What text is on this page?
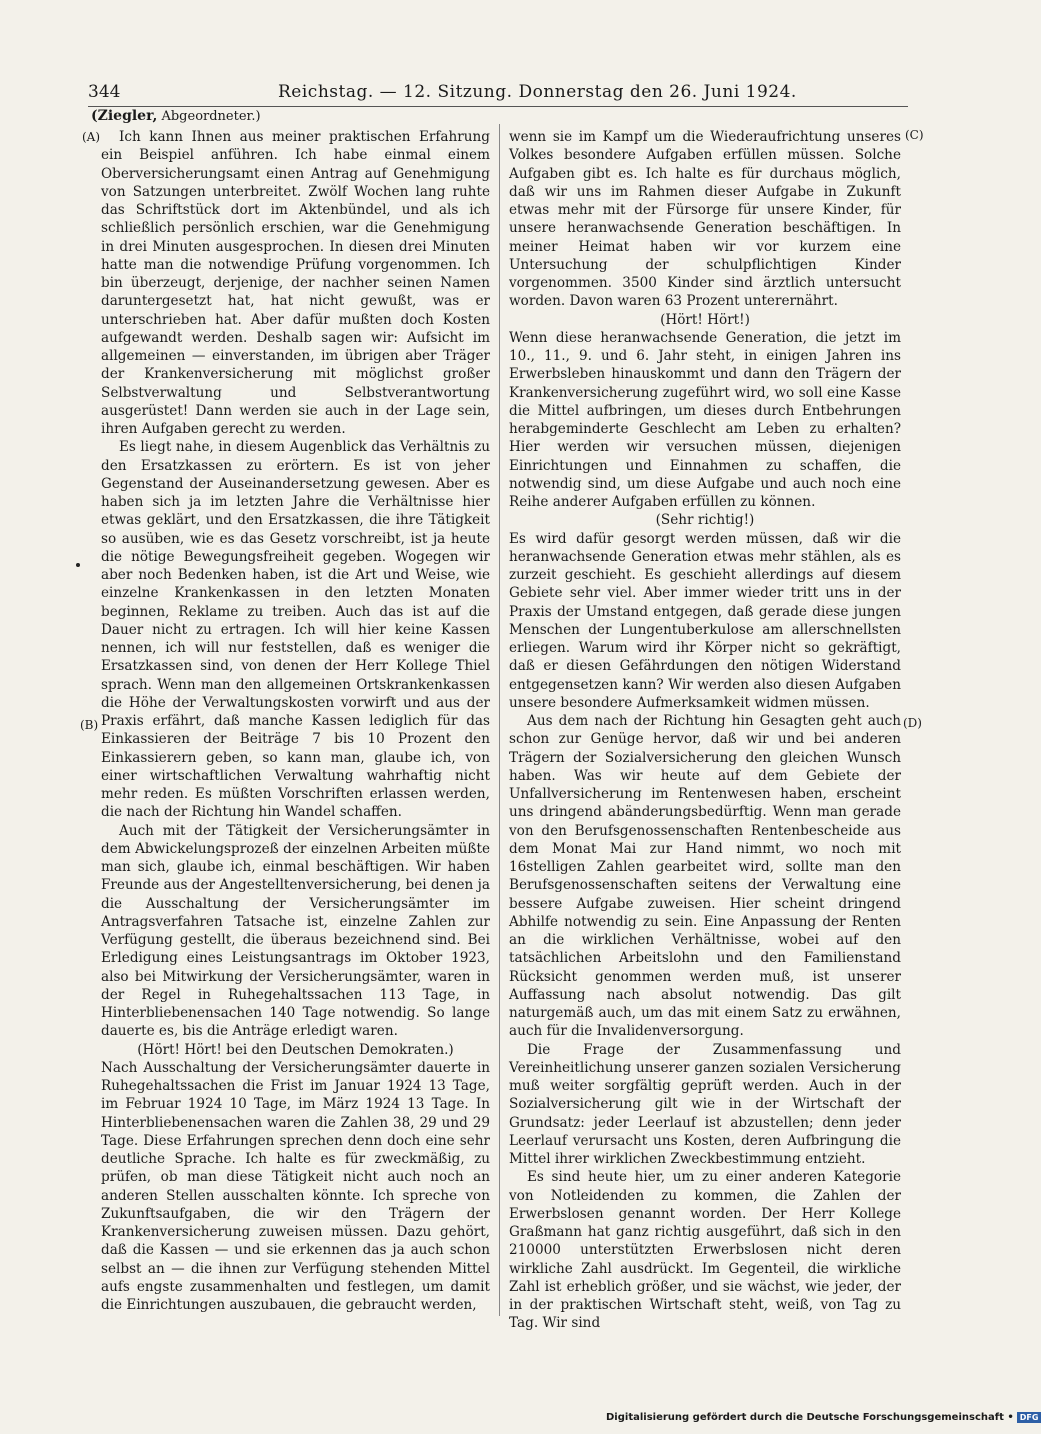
344	Reichstag. — 12. Sitzung. Donnerstag den 26. Juni 1924.
(Ziegler, Abgeordneter.)
(A)
(B)
(C)
(D)

Ich kann Ihnen aus meiner praktischen Erfahrung ein Beispiel anführen. Ich habe einmal einem Oberversicherungsamt einen Antrag auf Genehmigung von Satzungen unterbreitet. Zwölf Wochen lang ruhte das Schriftstück dort im Aktenbündel, und als ich schließlich persönlich erschien, war die Genehmigung in drei Minuten ausgesprochen. In diesen drei Minuten hatte man die notwendige Prüfung vorgenommen. Ich bin überzeugt, derjenige, der nachher seinen Namen daruntergesetzt hat, hat nicht gewußt, was er unterschrieben hat. Aber dafür mußten doch Kosten aufgewandt werden. Deshalb sagen wir: Aufsicht im allgemeinen — einverstanden, im übrigen aber Träger der Krankenversicherung mit möglichst großer Selbstverwaltung und Selbstverantwortung ausgerüstet! Dann werden sie auch in der Lage sein, ihren Aufgaben gerecht zu werden.

Es liegt nahe, in diesem Augenblick das Verhältnis zu den Ersatzkassen zu erörtern. Es ist von jeher Gegenstand der Auseinandersetzung gewesen. Aber es haben sich ja im letzten Jahre die Verhältnisse hier etwas geklärt, und den Ersatzkassen, die ihre Tätigkeit so ausüben, wie es das Gesetz vorschreibt, ist ja heute die nötige Bewegungsfreiheit gegeben. Wogegen wir aber noch Bedenken haben, ist die Art und Weise, wie einzelne Krankenkassen in den letzten Monaten beginnen, Reklame zu treiben. Auch das ist auf die Dauer nicht zu ertragen. Ich will hier keine Kassen nennen, ich will nur feststellen, daß es weniger die Ersatzkassen sind, von denen der Herr Kollege Thiel sprach. Wenn man den allgemeinen Ortskrankenkassen die Höhe der Verwaltungskosten vorwirft und aus der Praxis erfährt, daß manche Kassen lediglich für das Einkassieren der Beiträge 7 bis 10 Prozent den Einkassierern geben, so kann man, glaube ich, von einer wirtschaftlichen Verwaltung wahrhaftig nicht mehr reden. Es müßten Vorschriften erlassen werden, die nach der Richtung hin Wandel schaffen.

Auch mit der Tätigkeit der Versicherungsämter in dem Abwickelungsprozeß der einzelnen Arbeiten müßte man sich, glaube ich, einmal beschäftigen. Wir haben Freunde aus der Angestelltenversicherung, bei denen ja die Ausschaltung der Versicherungsämter im Antragsverfahren Tatsache ist, einzelne Zahlen zur Verfügung gestellt, die überaus bezeichnend sind. Bei Erledigung eines Leistungsantrags im Oktober 1923, also bei Mitwirkung der Versicherungsämter, waren in der Regel in Ruhegehaltssachen 113 Tage, in Hinterbliebenensachen 140 Tage notwendig. So lange dauerte es, bis die Anträge erledigt waren.

(Hört! Hört! bei den Deutschen Demokraten.)

Nach Ausschaltung der Versicherungsämter dauerte in Ruhegehaltssachen die Frist im Januar 1924 13 Tage, im Februar 1924 10 Tage, im März 1924 13 Tage. In Hinterbliebenensachen waren die Zahlen 38, 29 und 29 Tage. Diese Erfahrungen sprechen denn doch eine sehr deutliche Sprache. Ich halte es für zweckmäßig, zu prüfen, ob man diese Tätigkeit nicht auch noch an anderen Stellen ausschalten könnte. Ich spreche von Zukunftsaufgaben, die wir den Trägern der Krankenversicherung zuweisen müssen. Dazu gehört, daß die Kassen — und sie erkennen das ja auch schon selbst an — die ihnen zur Verfügung stehenden Mittel aufs engste zusammenhalten und festlegen, um damit die Einrichtungen auszubauen, die gebraucht werden,

wenn sie im Kampf um die Wiederaufrichtung unseres Volkes besondere Aufgaben erfüllen müssen. Solche Aufgaben gibt es. Ich halte es für durchaus möglich, daß wir uns im Rahmen dieser Aufgabe in Zukunft etwas mehr mit der Fürsorge für unsere Kinder, für unsere heranwachsende Generation beschäftigen. In meiner Heimat haben wir vor kurzem eine Untersuchung der schulpflichtigen Kinder vorgenommen. 3500 Kinder sind ärztlich untersucht worden. Davon waren 63 Prozent unterernährt.

(Hört! Hört!)

Wenn diese heranwachsende Generation, die jetzt im 10., 11., 9. und 6. Jahr steht, in einigen Jahren ins Erwerbsleben hinauskommt und dann den Trägern der Krankenversicherung zugeführt wird, wo soll eine Kasse die Mittel aufbringen, um dieses durch Entbehrungen herabgeminderte Geschlecht am Leben zu erhalten? Hier werden wir versuchen müssen, diejenigen Einrichtungen und Einnahmen zu schaffen, die notwendig sind, um diese Aufgabe und auch noch eine Reihe anderer Aufgaben erfüllen zu können.

(Sehr richtig!)

Es wird dafür gesorgt werden müssen, daß wir die heranwachsende Generation etwas mehr stählen, als es zurzeit geschieht. Es geschieht allerdings auf diesem Gebiete sehr viel. Aber immer wieder tritt uns in der Praxis der Umstand entgegen, daß gerade diese jungen Menschen der Lungentuberkulose am allerschnellsten erliegen. Warum wird ihr Körper nicht so gekräftigt, daß er diesen Gefährdungen den nötigen Widerstand entgegensetzen kann? Wir werden also diesen Aufgaben unsere besondere Aufmerksamkeit widmen müssen.

Aus dem nach der Richtung hin Gesagten geht auch schon zur Genüge hervor, daß wir und bei anderen Trägern der Sozialversicherung den gleichen Wunsch haben. Was wir heute auf dem Gebiete der Unfallversicherung im Rentenwesen haben, erscheint uns dringend abänderungsbedürftig. Wenn man gerade von den Berufsgenossenschaften Rentenbescheide aus dem Monat Mai zur Hand nimmt, wo noch mit 16stelligen Zahlen gearbeitet wird, sollte man den Berufsgenossenschaften seitens der Verwaltung eine bessere Aufgabe zuweisen. Hier scheint dringend Abhilfe notwendig zu sein. Eine Anpassung der Renten an die wirklichen Verhältnisse, wobei auf den tatsächlichen Arbeitslohn und den Familienstand Rücksicht genommen werden muß, ist unserer Auffassung nach absolut notwendig. Das gilt naturgemäß auch, um das mit einem Satz zu erwähnen, auch für die Invalidenversorgung.

Die Frage der Zusammenfassung und Vereinheitlichung unserer ganzen sozialen Versicherung muß weiter sorgfältig geprüft werden. Auch in der Sozialversicherung gilt wie in der Wirtschaft der Grundsatz: jeder Leerlauf ist abzustellen; denn jeder Leerlauf verursacht uns Kosten, deren Aufbringung die Mittel ihrer wirklichen Zweckbestimmung entzieht.

Es sind heute hier, um zu einer anderen Kategorie von Notleidenden zu kommen, die Zahlen der Erwerbslosen genannt worden. Der Herr Kollege Graßmann hat ganz richtig ausgeführt, daß sich in den 210000 unterstützten Erwerbslosen nicht deren wirkliche Zahl ausdrückt. Im Gegenteil, die wirkliche Zahl ist erheblich größer, und sie wächst, wie jeder, der in der praktischen Wirtschaft steht, weiß, von Tag zu Tag. Wir sind

Digitalisierung gefördert durch die Deutsche Forschungsgemeinschaft • DFG
